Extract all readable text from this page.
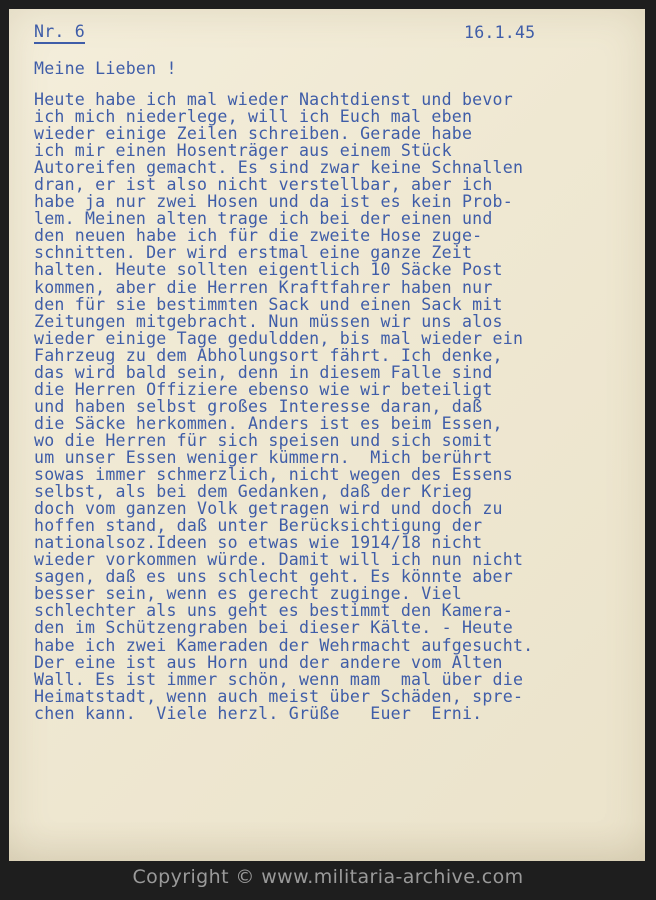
Nr. 6	16.1.45
Meine Lieben !
Heute habe ich mal wieder Nachtdienst und bevor
ich mich niederlege, will ich Euch mal eben
wieder einige Zeilen schreiben. Gerade habe
ich mir einen Hosenträger aus einem Stück
Autoreifen gemacht. Es sind zwar keine Schnallen
dran, er ist also nicht verstellbar, aber ich
habe ja nur zwei Hosen und da ist es kein Prob-
lem. Meinen alten trage ich bei der einen und
den neuen habe ich für die zweite Hose zuge-
schnitten. Der wird erstmal eine ganze Zeit
halten. Heute sollten eigentlich 10 Säcke Post
kommen, aber die Herren Kraftfahrer haben nur
den für sie bestimmten Sack und einen Sack mit
Zeitungen mitgebracht. Nun müssen wir uns alos
wieder einige Tage geduldden, bis mal wieder ein
Fahrzeug zu dem Abholungsort fährt. Ich denke,
das wird bald sein, denn in diesem Falle sind
die Herren Offiziere ebenso wie wir beteiligt
und haben selbst großes Interesse daran, daß
die Säcke herkommen. Anders ist es beim Essen,
wo die Herren für sich speisen und sich somit
um unser Essen weniger kümmern.  Mich berührt
sowas immer schmerzlich, nicht wegen des Essens
selbst, als bei dem Gedanken, daß der Krieg
doch vom ganzen Volk getragen wird und doch zu
hoffen stand, daß unter Berücksichtigung der
nationalsoz.Ideen so etwas wie 1914/18 nicht
wieder vorkommen würde. Damit will ich nun nicht
sagen, daß es uns schlecht geht. Es könnte aber
besser sein, wenn es gerecht zuginge. Viel
schlechter als uns geht es bestimmt den Kamera-
den im Schützengraben bei dieser Kälte. - Heute
habe ich zwei Kameraden der Wehrmacht aufgesucht.
Der eine ist aus Horn und der andere vom Alten
Wall. Es ist immer schön, wenn mam  mal über die
Heimatstadt, wenn auch meist über Schäden, spre-
chen kann.  Viele herzl. Grüße   Euer  Erni.
Copyright © www.militaria-archive.com
